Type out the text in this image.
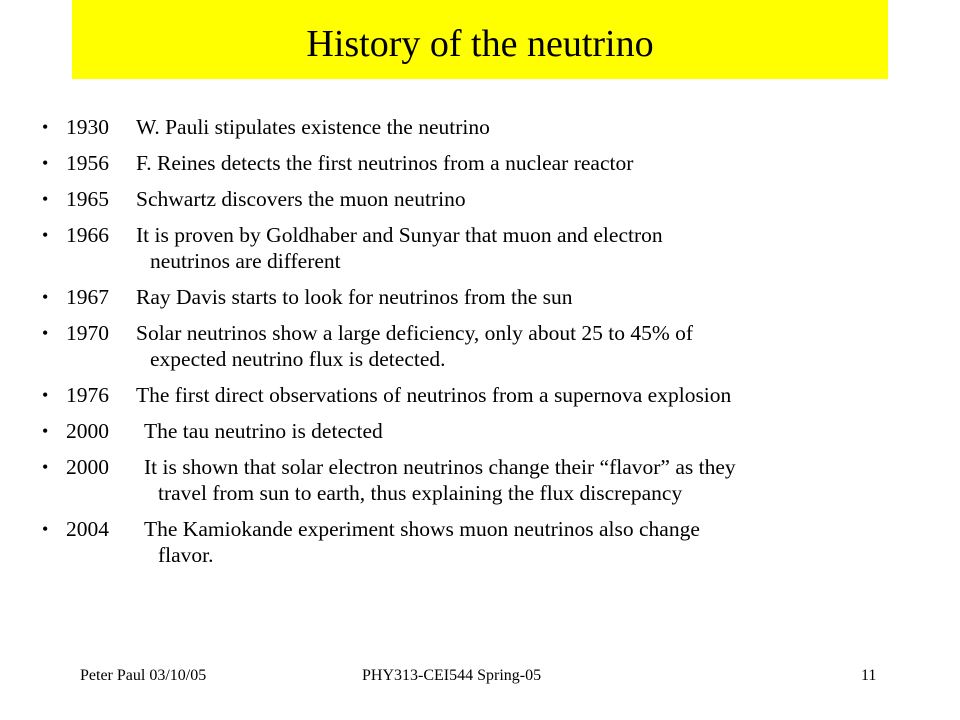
History of the neutrino
• 1930 W. Pauli stipulates existence the neutrino
• 1956 F. Reines detects the first neutrinos from a nuclear reactor
• 1965 Schwartz discovers the muon neutrino
• 1966 It is proven by Goldhaber and Sunyar that muon and electron
neutrinos are different
• 1967 Ray Davis starts to look for neutrinos from the sun
• 1970 Solar neutrinos show a large deficiency, only about 25 to 45% of
expected neutrino flux is detected.
• 1976 The first direct observations of neutrinos from a supernova explosion
• 2000 The tau neutrino is detected
• 2000 It is shown that solar electron neutrinos change their “flavor” as they
travel from sun to earth, thus explaining the flux discrepancy
• 2004 The Kamiokande experiment shows muon neutrinos also change
flavor.
Peter Paul 03/10/05	PHY313-CEI544 Spring-05	11
